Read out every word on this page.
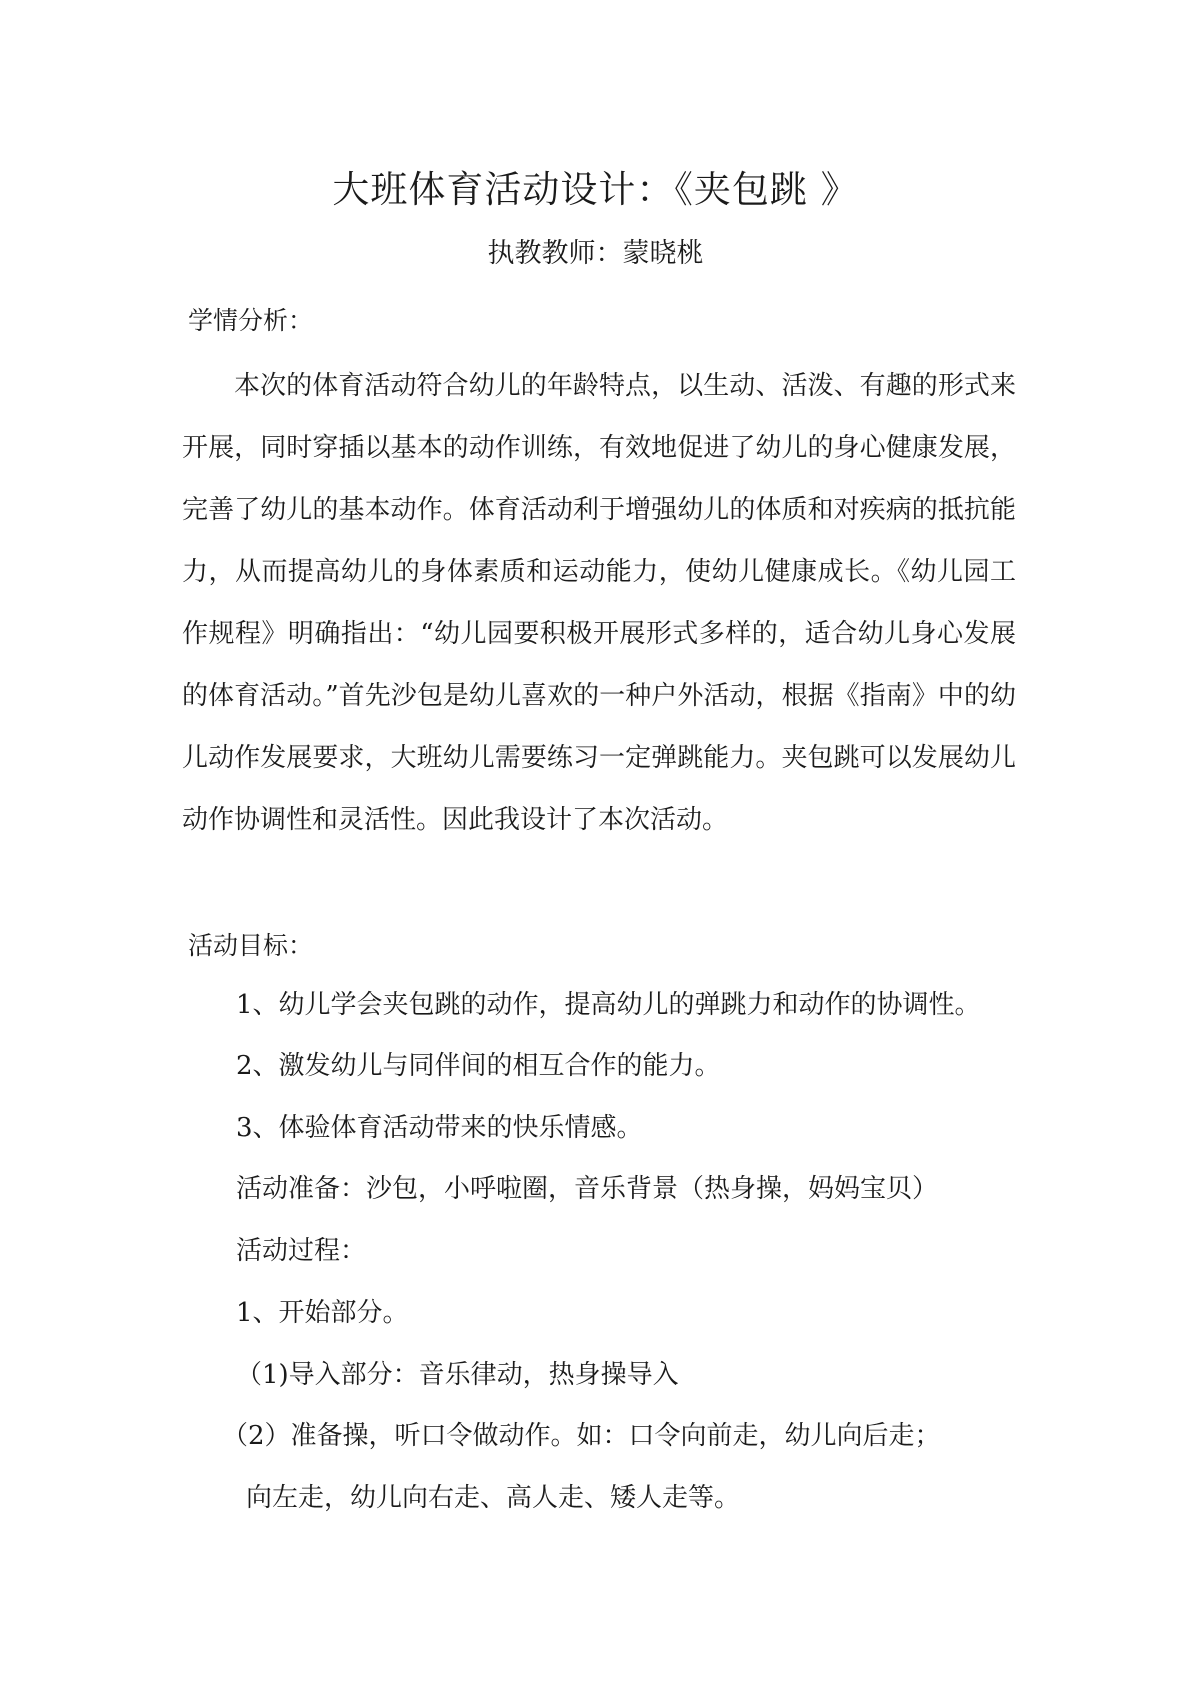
大班体育活动设计：《夹包跳 》

执教教师：蒙晓桃

学情分析：

本次的体育活动符合幼儿的年龄特点，以生动、活泼、有趣的形式来开展，同时穿插以基本的动作训练，有效地促进了幼儿的身心健康发展，完善了幼儿的基本动作。体育活动利于增强幼儿的体质和对疾病的抵抗能力，从而提高幼儿的身体素质和运动能力，使幼儿健康成长。《幼儿园工作规程》明确指出：“幼儿园要积极开展形式多样的，适合幼儿身心发展的体育活动。”首先沙包是幼儿喜欢的一种户外活动，根据《指南》中的幼儿动作发展要求，大班幼儿需要练习一定弹跳能力。夹包跳可以发展幼儿动作协调性和灵活性。因此我设计了本次活动。

活动目标：

1、幼儿学会夹包跳的动作，提高幼儿的弹跳力和动作的协调性。

2、激发幼儿与同伴间的相互合作的能力。

3、体验体育活动带来的快乐情感。

活动准备：沙包，小呼啦圈，音乐背景（热身操，妈妈宝贝）

活动过程：

1、开始部分。

（1)导入部分：音乐律动，热身操导入

（2）准备操，听口令做动作。如：口令向前走，幼儿向后走；

向左走，幼儿向右走、高人走、矮人走等。
